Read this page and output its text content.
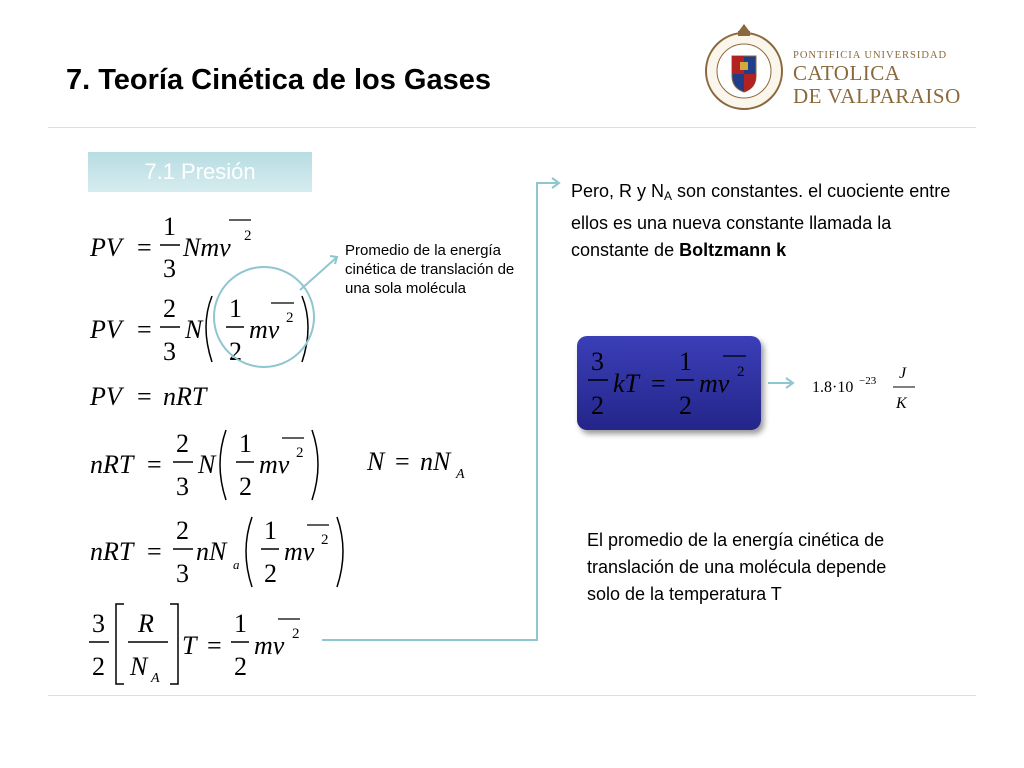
7. Teoría Cinética de los Gases
PONTIFICIA UNIVERSIDAD
CATOLICA
DE VALPARAISO
7.1 Presión
PV =
1
3
Nmv 2
PV =
2
3
N
1
2
mv 2
PV = nRT
nRT =
2
3
N
1
2
mv 2 N = nN A
nRT =
2
3
nN a
1
2
mv 2
3
2
R
N A
T =
1
2
mv 2
1.8·10 −23 J
K
3
2
kT =
1
2
mv 2
Promedio de la energía cinética de translación de una sola molécula
Pero, R y $N_A$ son constantes. el cuociente entre ellos es una nueva constante llamada la constante de Boltzmann k
El promedio de la energía cinética de translación de una molécula depende solo de la temperatura T
